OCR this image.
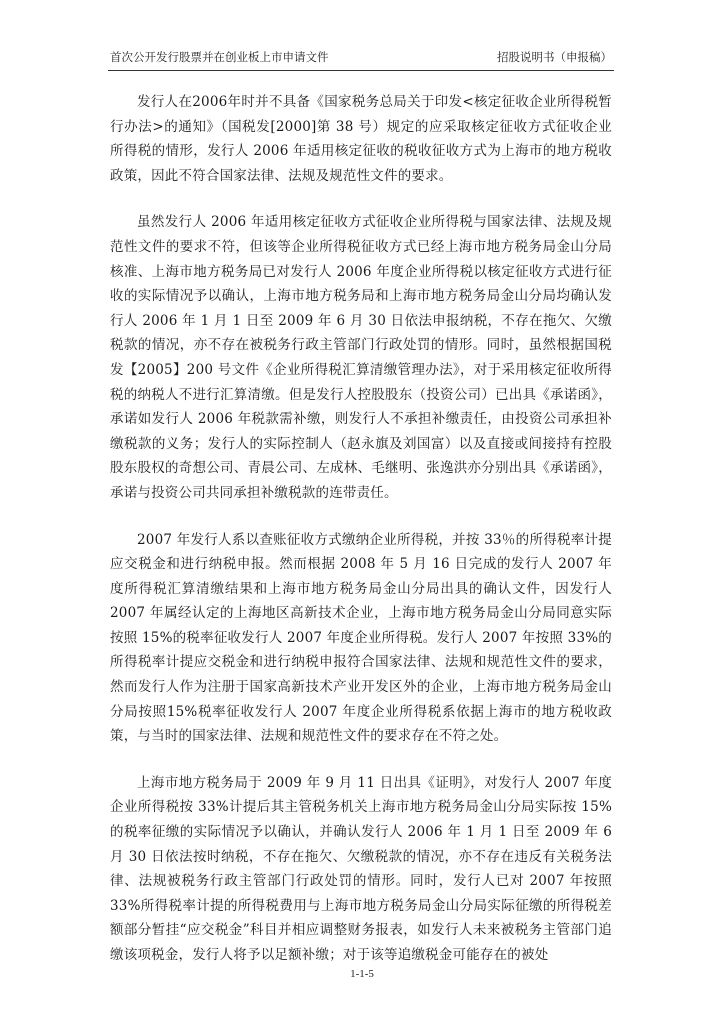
首次公开发行股票并在创业板上市申请文件	招股说明书（申报稿）

发行人在2006年时并不具备《国家税务总局关于印发<核定征收企业所得税暂行办法>的通知》（国税发[2000]第 38 号）规定的应采取核定征收方式征收企业所得税的情形，发行人 2006 年适用核定征收的税收征收方式为上海市的地方税收政策，因此不符合国家法律、法规及规范性文件的要求。

虽然发行人 2006 年适用核定征收方式征收企业所得税与国家法律、法规及规范性文件的要求不符，但该等企业所得税征收方式已经上海市地方税务局金山分局核准、上海市地方税务局已对发行人 2006 年度企业所得税以核定征收方式进行征收的实际情况予以确认，上海市地方税务局和上海市地方税务局金山分局均确认发行人 2006 年 1 月 1 日至 2009 年 6 月 30 日依法申报纳税，不存在拖欠、欠缴税款的情况，亦不存在被税务行政主管部门行政处罚的情形。同时，虽然根据国税发【2005】200 号文件《企业所得税汇算清缴管理办法》，对于采用核定征收所得税的纳税人不进行汇算清缴。但是发行人控股股东（投资公司）已出具《承诺函》，承诺如发行人 2006 年税款需补缴，则发行人不承担补缴责任，由投资公司承担补缴税款的义务；发行人的实际控制人（赵永旗及刘国富）以及直接或间接持有控股股东股权的奇想公司、青晨公司、左成林、毛继明、张逸洪亦分别出具《承诺函》，承诺与投资公司共同承担补缴税款的连带责任。

2007 年发行人系以查账征收方式缴纳企业所得税，并按 33％的所得税率计提应交税金和进行纳税申报。然而根据 2008 年 5 月 16 日完成的发行人 2007 年度所得税汇算清缴结果和上海市地方税务局金山分局出具的确认文件，因发行人 2007 年属经认定的上海地区高新技术企业，上海市地方税务局金山分局同意实际按照 15%的税率征收发行人 2007 年度企业所得税。发行人 2007 年按照 33%的所得税率计提应交税金和进行纳税申报符合国家法律、法规和规范性文件的要求，然而发行人作为注册于国家高新技术产业开发区外的企业，上海市地方税务局金山分局按照15%税率征收发行人 2007 年度企业所得税系依据上海市的地方税收政策，与当时的国家法律、法规和规范性文件的要求存在不符之处。

上海市地方税务局于 2009 年 9 月 11 日出具《证明》，对发行人 2007 年度企业所得税按 33%计提后其主管税务机关上海市地方税务局金山分局实际按 15%的税率征缴的实际情况予以确认，并确认发行人 2006 年 1 月 1 日至 2009 年 6 月 30 日依法按时纳税，不存在拖欠、欠缴税款的情况，亦不存在违反有关税务法律、法规被税务行政主管部门行政处罚的情形。同时，发行人已对 2007 年按照33%所得税率计提的所得税费用与上海市地方税务局金山分局实际征缴的所得税差额部分暂挂“应交税金”科目并相应调整财务报表，如发行人未来被税务主管部门追缴该项税金，发行人将予以足额补缴；对于该等追缴税金可能存在的被处

1-1-5
